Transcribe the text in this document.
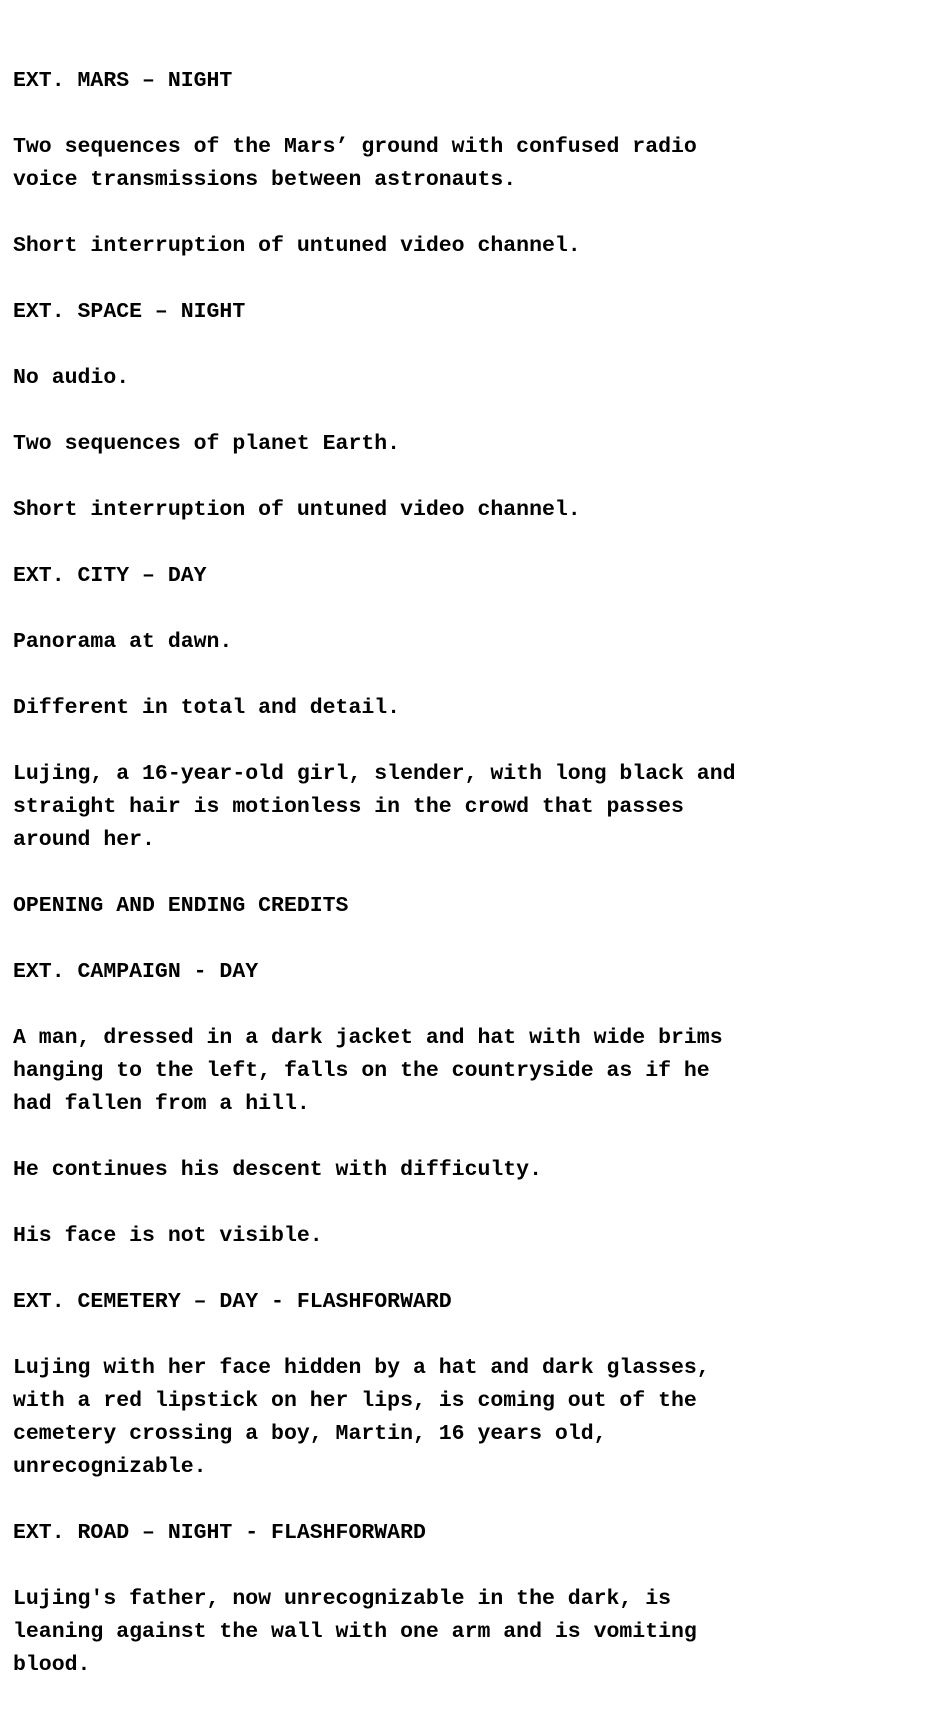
EXT. MARS – NIGHT
Two sequences of the Mars’ ground with confused radio
voice transmissions between astronauts.
Short interruption of untuned video channel.
EXT. SPACE – NIGHT
No audio.
Two sequences of planet Earth.
Short interruption of untuned video channel.
EXT. CITY – DAY
Panorama at dawn.
Different in total and detail.
Lujing, a 16-year-old girl, slender, with long black and
straight hair is motionless in the crowd that passes
around her.
OPENING AND ENDING CREDITS
EXT. CAMPAIGN - DAY
A man, dressed in a dark jacket and hat with wide brims
hanging to the left, falls on the countryside as if he
had fallen from a hill.
He continues his descent with difficulty.
His face is not visible.
EXT. CEMETERY – DAY - FLASHFORWARD
Lujing with her face hidden by a hat and dark glasses,
with a red lipstick on her lips, is coming out of the
cemetery crossing a boy, Martin, 16 years old,
unrecognizable.
EXT. ROAD – NIGHT - FLASHFORWARD
Lujing's father, now unrecognizable in the dark, is
leaning against the wall with one arm and is vomiting
blood.
